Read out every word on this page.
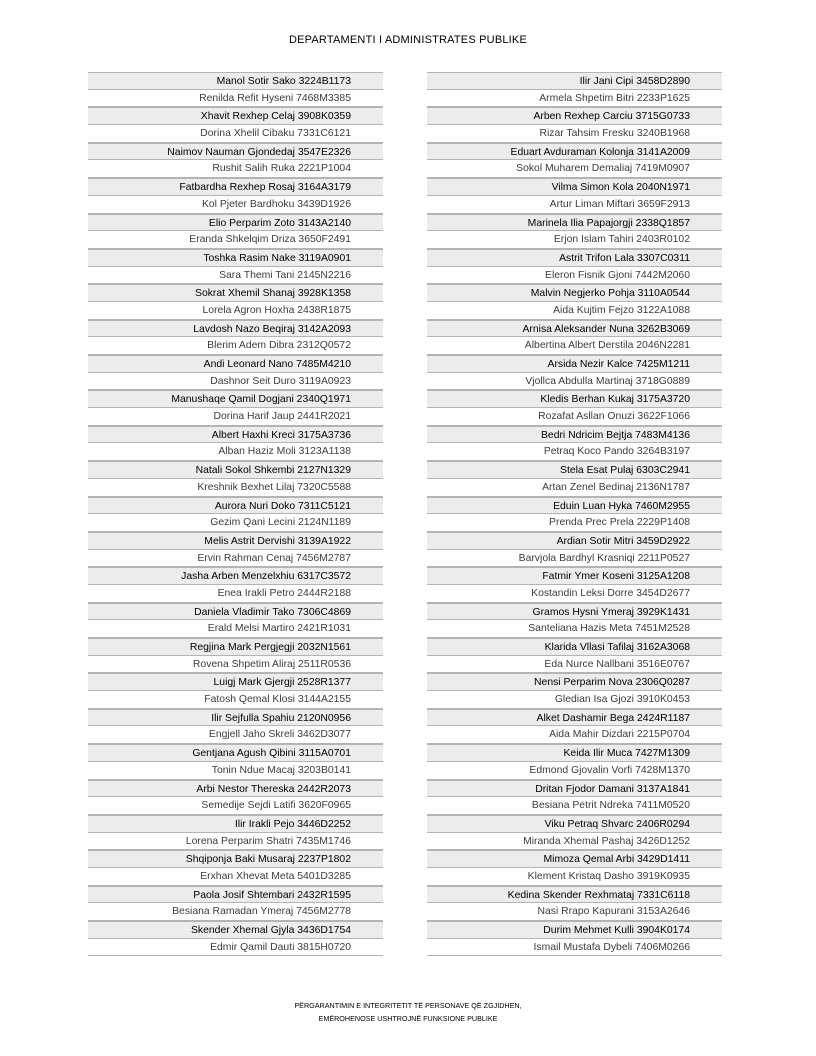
DEPARTAMENTI I ADMINISTRATES PUBLIKE
Manol Sotir Sako 3224B1173
Renilda Refit Hyseni 7468M3385
Xhavit Rexhep Celaj 3908K0359
Dorina Xhelil Cibaku 7331C6121
Naimov Nauman Gjondedaj 3547E2326
Rushit Salih Ruka 2221P1004
Fatbardha Rexhep Rosaj 3164A3179
Kol Pjeter Bardhoku 3439D1926
Elio Perparim Zoto 3143A2140
Eranda Shkelqim Driza 3650F2491
Toshka Rasim Nake 3119A0901
Sara Themi Tani 2145N2216
Sokrat Xhemil Shanaj 3928K1358
Lorela Agron Hoxha 2438R1875
Lavdosh Nazo Beqiraj 3142A2093
Blerim Adem Dibra 2312Q0572
Andi Leonard Nano 7485M4210
Dashnor Seit Duro 3119A0923
Manushaqe Qamil Dogjani 2340Q1971
Dorina Harif Jaup 2441R2021
Albert Haxhi Kreci 3175A3736
Alban Haziz Moli 3123A1138
Natali Sokol Shkembi 2127N1329
Kreshnik Bexhet Lilaj 7320C5588
Aurora Nuri Doko 7311C5121
Gezim Qani Lecini 2124N1189
Melis Astrit Dervishi 3139A1922
Ervin Rahman Cenaj 7456M2787
Jasha Arben Menzelxhiu 6317C3572
Enea Irakli Petro 2444R2188
Daniela Vladimir Tako 7306C4869
Erald Melsi Martiro 2421R1031
Regjina Mark Pergjegji 2032N1561
Rovena Shpetim Aliraj 2511R0536
Luigj Mark Gjergji 2528R1377
Fatosh Qemal Klosi 3144A2155
Ilir Sejfulla Spahiu 2120N0956
Engjell Jaho Skreli 3462D3077
Gentjana Agush Qibini 3115A0701
Tonin Ndue Macaj 3203B0141
Arbi Nestor Thereska 2442R2073
Semedije Sejdi Latifi 3620F0965
Ilir Irakli Pejo 3446D2252
Lorena Perparim Shatri 7435M1746
Shqiponja Baki Musaraj 2237P1802
Erxhan Xhevat Meta 5401D3285
Paola Josif Shtembari 2432R1595
Besiana Ramadan Ymeraj 7456M2778
Skender Xhemal Gjyla 3436D1754
Edmir Qamil Dauti 3815H0720
Ilir Jani Cipi 3458D2890
Armela Shpetim Bitri 2233P1625
Arben Rexhep Carciu 3715G0733
Rizar Tahsim Fresku 3240B1968
Eduart Avduraman Kolonja 3141A2009
Sokol Muharem Demaliaj 7419M0907
Vilma Simon Kola 2040N1971
Artur Liman Miftari 3659F2913
Marinela Ilia Papajorgji 2338Q1857
Erjon Islam Tahiri 2403R0102
Astrit Trifon Lala 3307C0311
Eleron Fisnik Gjoni 7442M2060
Malvin Negjerko Pohja 3110A0544
Aida Kujtim Fejzo 3122A1088
Arnisa Aleksander Nuna 3262B3069
Albertina Albert Derstila 2046N2281
Arsida Nezir Kalce 7425M1211
Vjollca Abdulla Martinaj 3718G0889
Kledis Berhan Kukaj 3175A3720
Rozafat Asllan Onuzi 3622F1066
Bedri Ndricim Bejtja 7483M4136
Petraq Koco Pando 3264B3197
Stela Esat Pulaj 6303C2941
Artan Zenel Bedinaj 2136N1787
Eduin Luan Hyka 7460M2955
Prenda Prec Prela 2229P1408
Ardian Sotir Mitri 3459D2922
Barvjola Bardhyl Krasniqi 2211P0527
Fatmir Ymer Koseni 3125A1208
Kostandin Leksi Dorre 3454D2677
Gramos Hysni Ymeraj 3929K1431
Santeliana Hazis Meta 7451M2528
Klarida Vllasi Tafilaj 3162A3068
Eda Nurce Nallbani 3516E0767
Nensi Perparim Nova 2306Q0287
Gledian Isa Gjozi 3910K0453
Alket Dashamir Bega 2424R1187
Aida Mahir Dizdari 2215P0704
Keida Ilir Muca 7427M1309
Edmond Gjovalin Vorfi 7428M1370
Dritan Fjodor Damani 3137A1841
Besiana Petrit Ndreka 7411M0520
Viku Petraq Shvarc 2406R0294
Miranda Xhemal Pashaj 3426D1252
Mimoza Qemal Arbi 3429D1411
Klement Kristaq Dasho 3919K0935
Kedina Skender Rexhmataj 7331C6118
Nasi Rrapo Kapurani 3153A2646
Durim Mehmet Kulli 3904K0174
Ismail Mustafa Dybeli 7406M0266
PËRGARANTIMIN E INTEGRITETIT TË PERSONAVE QË ZGJIDHEN,
EMËROHENOSE USHTROJNË FUNKSIONE PUBLIKE
